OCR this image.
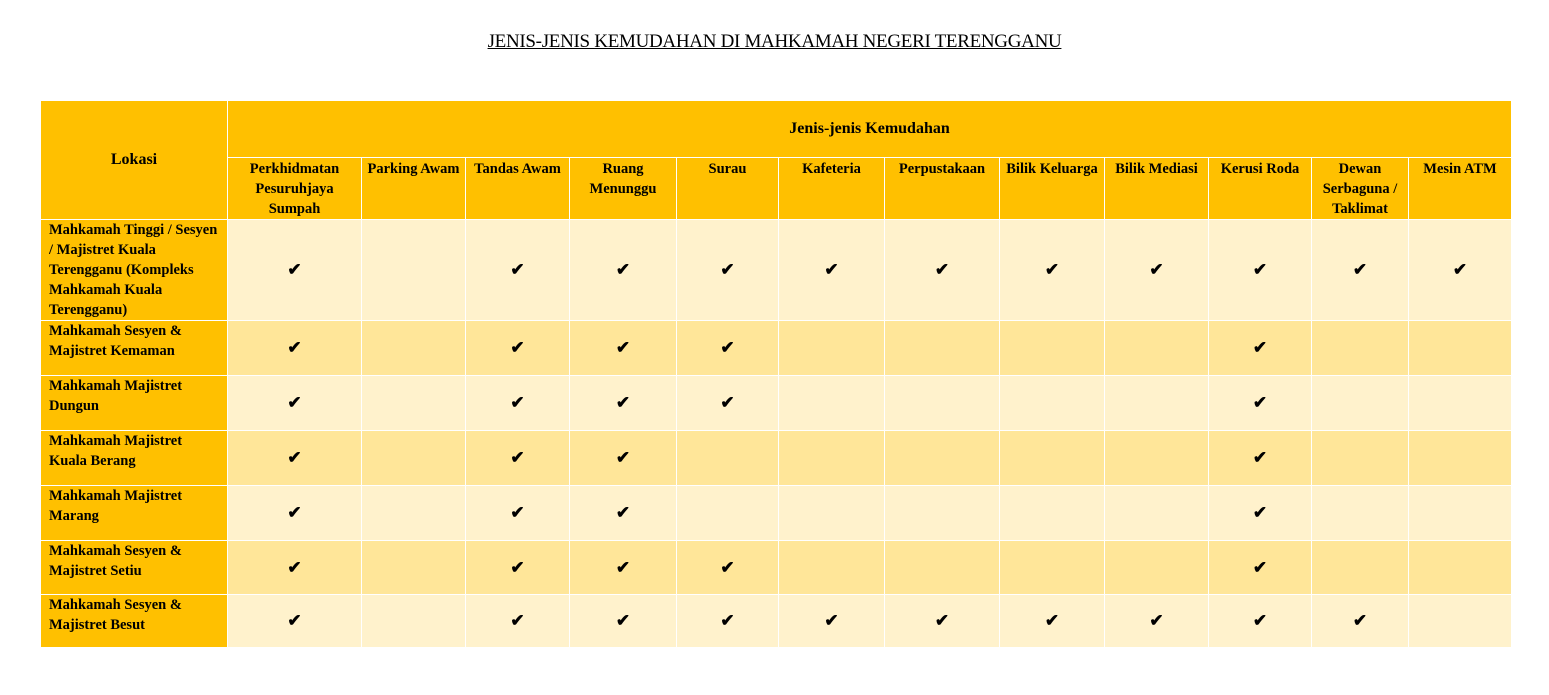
JENIS-JENIS KEMUDAHAN DI MAHKAMAH NEGERI TERENGGANU
Lokasi	Jenis-jenis Kemudahan											
	Perkhidmatan Pesuruhjaya Sumpah	Parking Awam	Tandas Awam	Ruang Menunggu	Surau	Kafeteria	Perpustakaan	Bilik Keluarga	Bilik Mediasi	Kerusi Roda	Dewan Serbaguna / Taklimat	Mesin ATM
Mahkamah Tinggi / Sesyen / Majistret Kuala Terengganu (Kompleks Mahkamah Kuala Terengganu)	✔		✔	✔	✔	✔	✔	✔	✔	✔	✔	✔
Mahkamah Sesyen & Majistret Kemaman	✔		✔	✔	✔					✔		
Mahkamah Majistret Dungun	✔		✔	✔	✔					✔		
Mahkamah Majistret Kuala Berang	✔		✔	✔						✔		
Mahkamah Majistret Marang	✔		✔	✔						✔		
Mahkamah Sesyen & Majistret Setiu	✔		✔	✔	✔					✔		
Mahkamah Sesyen & Majistret Besut	✔		✔	✔	✔	✔	✔	✔	✔	✔	✔	
